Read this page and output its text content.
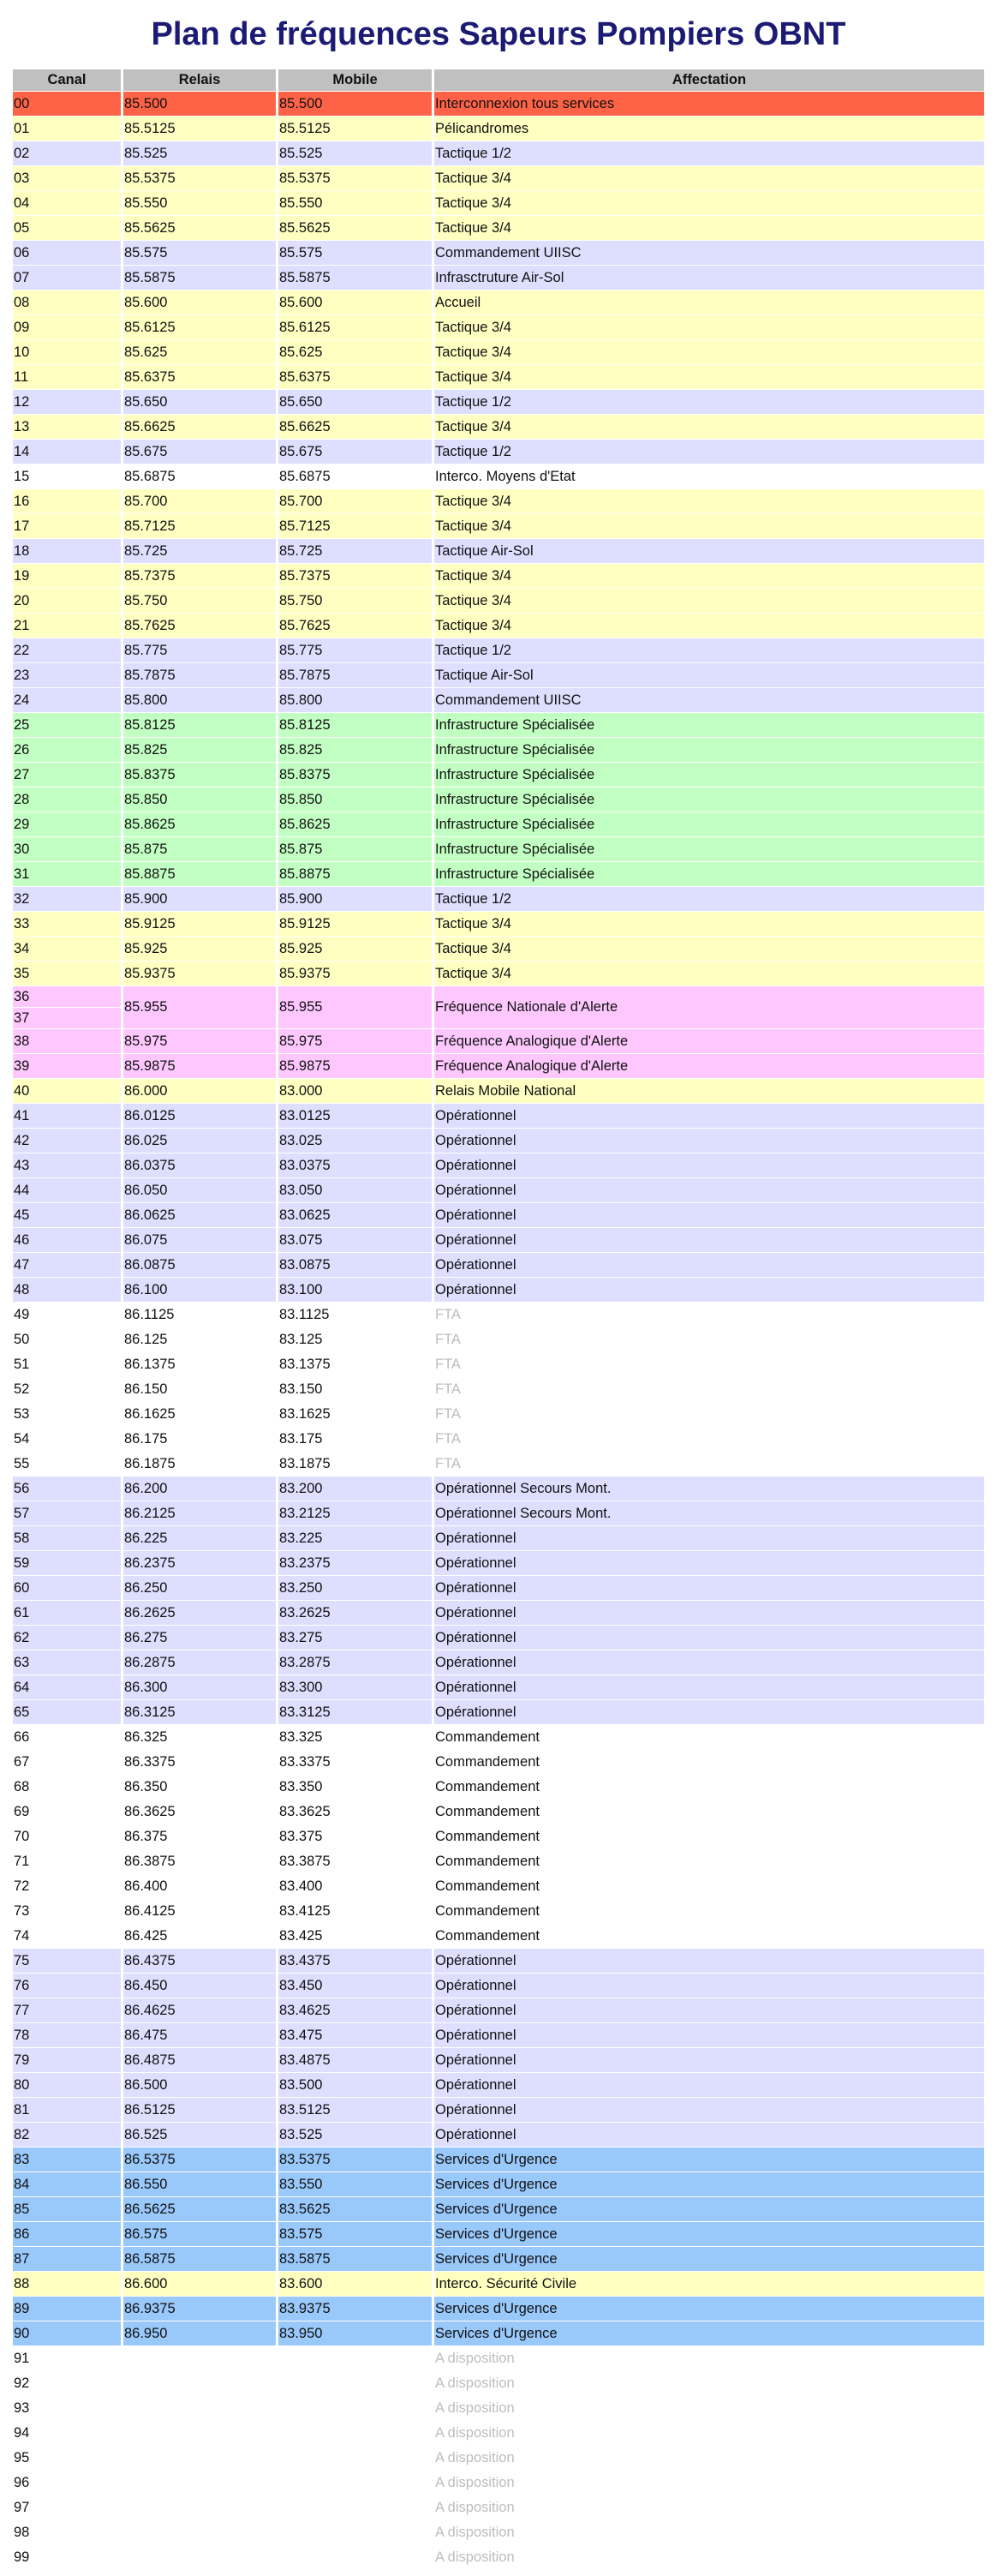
Plan de fréquences Sapeurs Pompiers OBNT
Canal	Relais	Mobile	Affectation
00	85.500	85.500	Interconnexion tous services
01	85.5125	85.5125	Pélicandromes
02	85.525	85.525	Tactique 1/2
03	85.5375	85.5375	Tactique 3/4
04	85.550	85.550	Tactique 3/4
05	85.5625	85.5625	Tactique 3/4
06	85.575	85.575	Commandement UIISC
07	85.5875	85.5875	Infrasctruture Air-Sol
08	85.600	85.600	Accueil
09	85.6125	85.6125	Tactique 3/4
10	85.625	85.625	Tactique 3/4
11	85.6375	85.6375	Tactique 3/4
12	85.650	85.650	Tactique 1/2
13	85.6625	85.6625	Tactique 3/4
14	85.675	85.675	Tactique 1/2
15	85.6875	85.6875	Interco. Moyens d'Etat
16	85.700	85.700	Tactique 3/4
17	85.7125	85.7125	Tactique 3/4
18	85.725	85.725	Tactique Air-Sol
19	85.7375	85.7375	Tactique 3/4
20	85.750	85.750	Tactique 3/4
21	85.7625	85.7625	Tactique 3/4
22	85.775	85.775	Tactique 1/2
23	85.7875	85.7875	Tactique Air-Sol
24	85.800	85.800	Commandement UIISC
25	85.8125	85.8125	Infrastructure Spécialisée
26	85.825	85.825	Infrastructure Spécialisée
27	85.8375	85.8375	Infrastructure Spécialisée
28	85.850	85.850	Infrastructure Spécialisée
29	85.8625	85.8625	Infrastructure Spécialisée
30	85.875	85.875	Infrastructure Spécialisée
31	85.8875	85.8875	Infrastructure Spécialisée
32	85.900	85.900	Tactique 1/2
33	85.9125	85.9125	Tactique 3/4
34	85.925	85.925	Tactique 3/4
35	85.9375	85.9375	Tactique 3/4
36	85.955	85.955	Fréquence Nationale d'Alerte
37			
38	85.975	85.975	Fréquence Analogique d'Alerte
39	85.9875	85.9875	Fréquence Analogique d'Alerte
40	86.000	83.000	Relais Mobile National
41	86.0125	83.0125	Opérationnel
42	86.025	83.025	Opérationnel
43	86.0375	83.0375	Opérationnel
44	86.050	83.050	Opérationnel
45	86.0625	83.0625	Opérationnel
46	86.075	83.075	Opérationnel
47	86.0875	83.0875	Opérationnel
48	86.100	83.100	Opérationnel
49	86.1125	83.1125	FTA
50	86.125	83.125	FTA
51	86.1375	83.1375	FTA
52	86.150	83.150	FTA
53	86.1625	83.1625	FTA
54	86.175	83.175	FTA
55	86.1875	83.1875	FTA
56	86.200	83.200	Opérationnel Secours Mont.
57	86.2125	83.2125	Opérationnel Secours Mont.
58	86.225	83.225	Opérationnel
59	86.2375	83.2375	Opérationnel
60	86.250	83.250	Opérationnel
61	86.2625	83.2625	Opérationnel
62	86.275	83.275	Opérationnel
63	86.2875	83.2875	Opérationnel
64	86.300	83.300	Opérationnel
65	86.3125	83.3125	Opérationnel
66	86.325	83.325	Commandement
67	86.3375	83.3375	Commandement
68	86.350	83.350	Commandement
69	86.3625	83.3625	Commandement
70	86.375	83.375	Commandement
71	86.3875	83.3875	Commandement
72	86.400	83.400	Commandement
73	86.4125	83.4125	Commandement
74	86.425	83.425	Commandement
75	86.4375	83.4375	Opérationnel
76	86.450	83.450	Opérationnel
77	86.4625	83.4625	Opérationnel
78	86.475	83.475	Opérationnel
79	86.4875	83.4875	Opérationnel
80	86.500	83.500	Opérationnel
81	86.5125	83.5125	Opérationnel
82	86.525	83.525	Opérationnel
83	86.5375	83.5375	Services d'Urgence
84	86.550	83.550	Services d'Urgence
85	86.5625	83.5625	Services d'Urgence
86	86.575	83.575	Services d'Urgence
87	86.5875	83.5875	Services d'Urgence
88	86.600	83.600	Interco. Sécurité Civile
89	86.9375	83.9375	Services d'Urgence
90	86.950	83.950	Services d'Urgence
91			A disposition
92			A disposition
93			A disposition
94			A disposition
95			A disposition
96			A disposition
97			A disposition
98			A disposition
99			A disposition
